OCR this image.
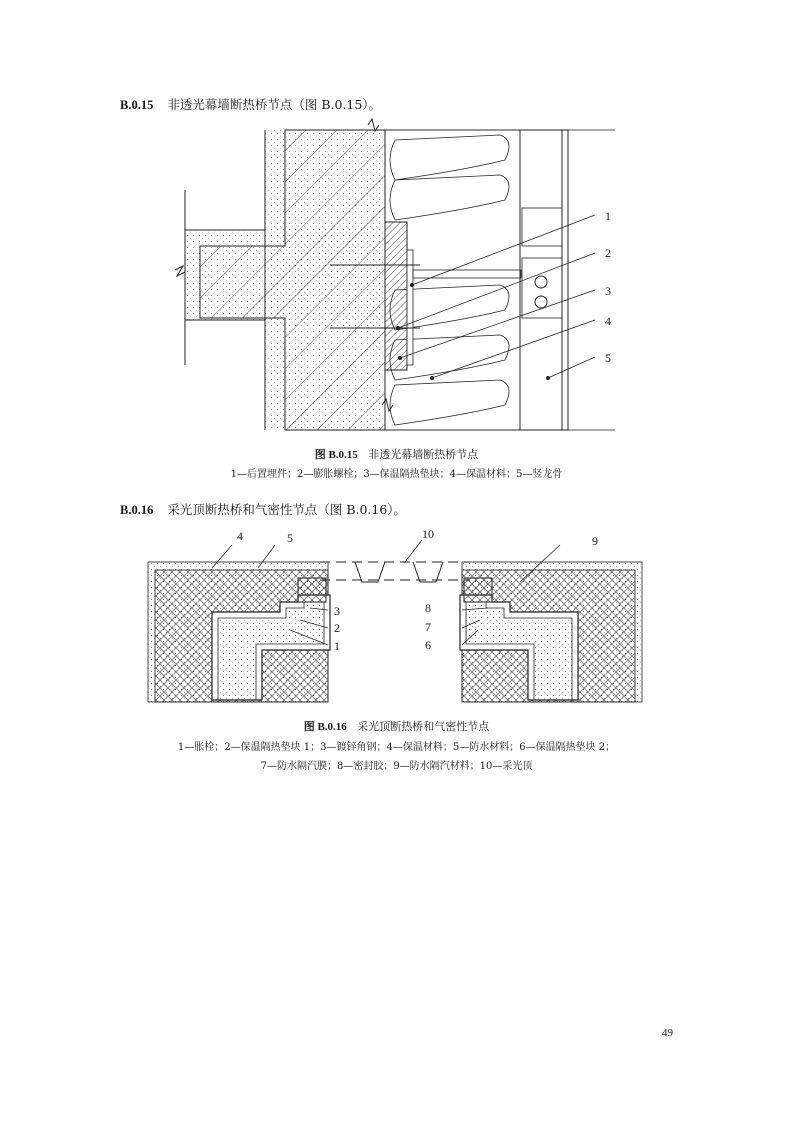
B.0.15 非透光幕墙断热桥节点（图 B.0.15）。
1
2
3
4
5
图 B.0.15 非透光幕墙断热桥节点
1—后置埋件；2—膨胀螺栓；3—保温隔热垫块；4—保温材料；5—竖龙骨
B.0.16 采光顶断热桥和气密性节点（图 B.0.16）。
4	5	10	9
3
2
1
8
7
6
图 B.0.16 采光顶断热桥和气密性节点
1—胀栓；2—保温隔热垫块 1；3—镀锌角钢；4—保温材料；5—防水材料；6—保温隔热垫块 2；
7—防水隔汽膜；8—密封胶；9—防水隔汽材料；10—采光顶
49
